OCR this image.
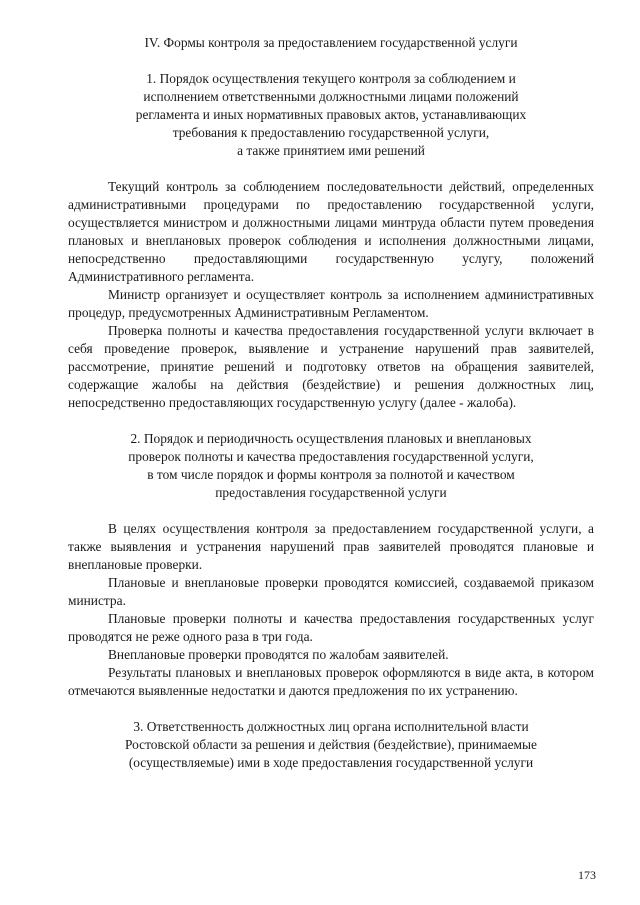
IV. Формы контроля за предоставлением государственной услуги

1. Порядок осуществления текущего контроля за соблюдением и
исполнением ответственными должностными лицами положений
регламента и иных нормативных правовых актов, устанавливающих
требования к предоставлению государственной услуги,
а также принятием ими решений

Текущий контроль за соблюдением последовательности действий, определенных административными процедурами по предоставлению государственной услуги, осуществляется министром и должностными лицами минтруда области путем проведения плановых и внеплановых проверок соблюдения и исполнения должностными лицами, непосредственно предоставляющими государственную услугу, положений Административного регламента.

Министр организует и осуществляет контроль за исполнением административных процедур, предусмотренных Административным Регламентом.

Проверка полноты и качества предоставления государственной услуги включает в себя проведение проверок, выявление и устранение нарушений прав заявителей, рассмотрение, принятие решений и подготовку ответов на обращения заявителей, содержащие жалобы на действия (бездействие) и решения должностных лиц, непосредственно предоставляющих государственную услугу (далее - жалоба).

2. Порядок и периодичность осуществления плановых и внеплановых
проверок полноты и качества предоставления государственной услуги,
в том числе порядок и формы контроля за полнотой и качеством
предоставления государственной услуги

В целях осуществления контроля за предоставлением государственной услуги, а также выявления и устранения нарушений прав заявителей проводятся плановые и внеплановые проверки.

Плановые и внеплановые проверки проводятся комиссией, создаваемой приказом министра.

Плановые проверки полноты и качества предоставления государственных услуг проводятся не реже одного раза в три года.

Внеплановые проверки проводятся по жалобам заявителей.

Результаты плановых и внеплановых проверок оформляются в виде акта, в котором отмечаются выявленные недостатки и даются предложения по их устранению.

3. Ответственность должностных лиц органа исполнительной власти
Ростовской области за решения и действия (бездействие), принимаемые
(осуществляемые) ими в ходе предоставления государственной услуги
173
